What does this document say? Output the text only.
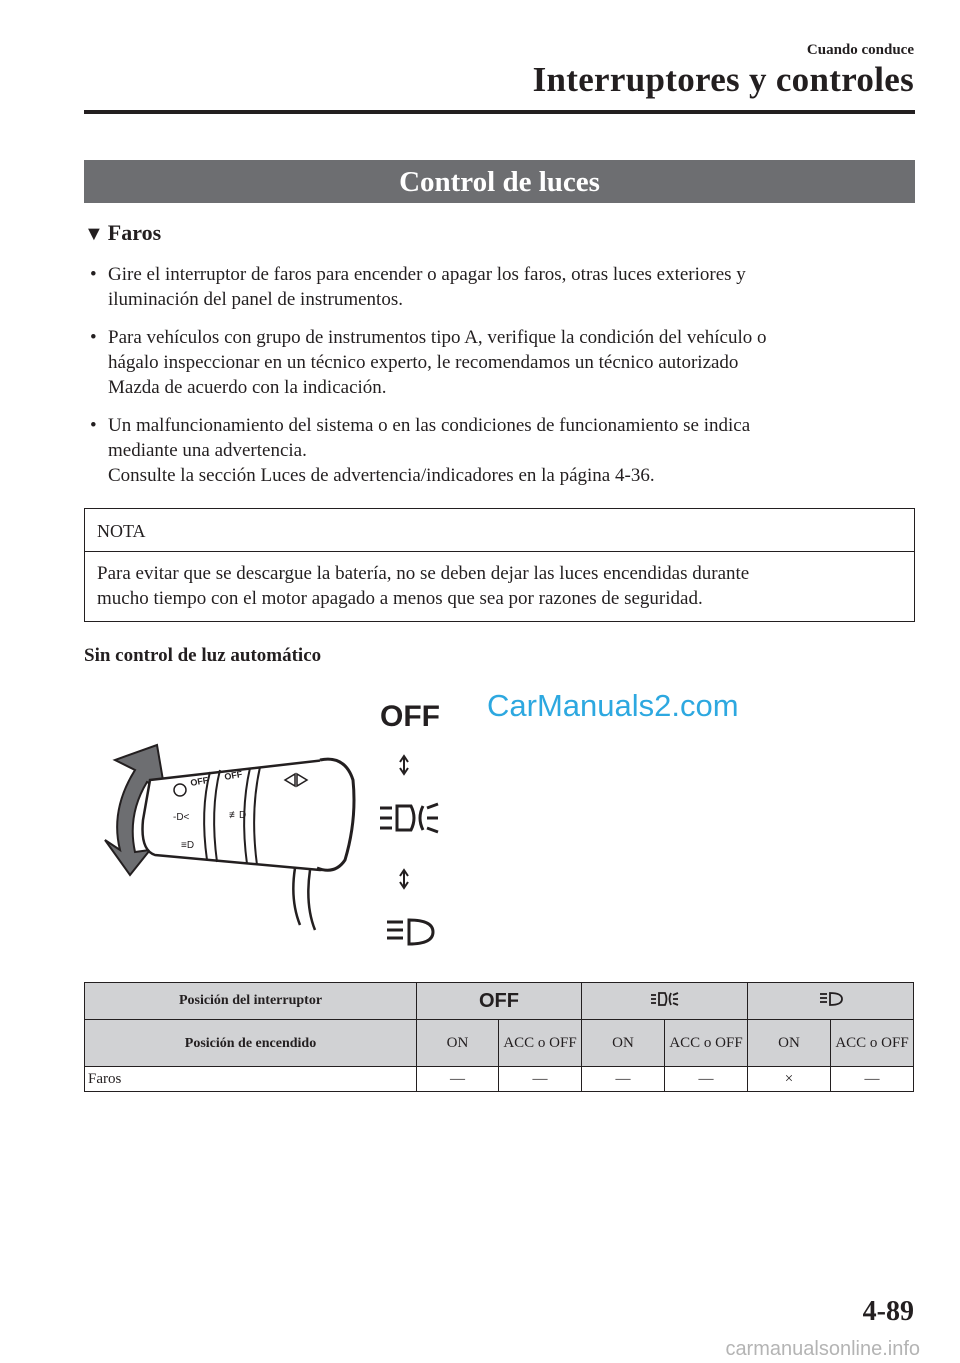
Cuando conduce
Interruptores y controles
Control de luces
▼ Faros
• Gire el interruptor de faros para encender o apagar los faros, otras luces exteriores y
iluminación del panel de instrumentos.
• Para vehículos con grupo de instrumentos tipo A, verifique la condición del vehículo o
hágalo inspeccionar en un técnico experto, le recomendamos un técnico autorizado
Mazda de acuerdo con la indicación.
• Un malfuncionamiento del sistema o en las condiciones de funcionamiento se indica
mediante una advertencia.
Consulte la sección Luces de advertencia/indicadores en la página 4-36.
NOTA
Para evitar que se descargue la batería, no se deben dejar las luces encendidas durante
mucho tiempo con el motor apagado a menos que sea por razones de seguridad.
Sin control de luz automático
CarManuals2.com
OFF OFF
-D<
≡D
≢D
OFF
Posición del interruptor	OFF		
Posición de encendido	ON	ACC o OFF	ON	ACC o OFF	ON	ACC o OFF
Faros	—	—	—	—	×	—
4-89
carmanualsonline.info
